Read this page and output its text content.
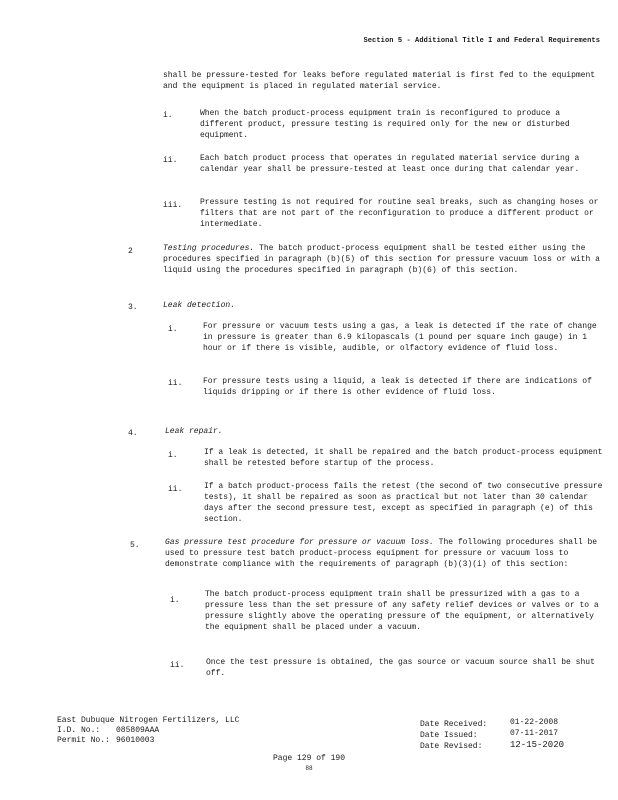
Section 5 - Additional Title I and Federal Requirements
shall be pressure-tested for leaks before regulated material is first fed to the equipment and the equipment is placed in regulated material service.
i.	When the batch product-process equipment train is reconfigured to produce a different product, pressure testing is required only for the new or disturbed equipment.
ii.	Each batch product process that operates in regulated material service during a calendar year shall be pressure-tested at least once during that calendar year.
iii. Pressure testing is not required for routine seal breaks, such as changing hoses or filters that are not part of the reconfiguration to produce a different product or intermediate.
2	Testing procedures. The batch product-process equipment shall be tested either using the procedures specified in paragraph (b)(5) of this section for pressure vacuum loss or with a liquid using the procedures specified in paragraph (b)(6) of this section.
3.	Leak detection.
i.	For pressure or vacuum tests using a gas, a leak is detected if the rate of change in pressure is greater than 6.9 kilopascals (1 pound per square inch gauge) in 1 hour or if there is visible, audible, or olfactory evidence of fluid loss.
ii.	For pressure tests using a liquid, a leak is detected if there are indications of liquids dripping or if there is other evidence of fluid loss.
4.	Leak repair.
i.	If a leak is detected, it shall be repaired and the batch product-process equipment shall be retested before startup of the process.
ii.	If a batch product-process fails the retest (the second of two consecutive pressure tests), it shall be repaired as soon as practical but not later than 30 calendar days after the second pressure test, except as specified in paragraph (e) of this section.
5.	Gas pressure test procedure for pressure or vacuum loss. The following procedures shall be used to pressure test batch product-process equipment for pressure or vacuum loss to demonstrate compliance with the requirements of paragraph (b)(3)(i) of this section:
i.
The batch product-process equipment train shall be pressurized with a gas to a pressure less than the set pressure of any safety relief devices or valves or to a pressure slightly above the operating pressure of the equipment, or alternatively the equipment shall be placed under a vacuum.
ii.	Once the test pressure is obtained, the gas source or vacuum source shall be shut off.
East Dubuque Nitrogen Fertilizers, LLC
I.D. No.: 085809AAA
Permit No.: 96010003
Date Received:	01-22-2008
Date Issued:	07-11-2017
Date Revised:	12-15-2020
Page 129 of 190
88
